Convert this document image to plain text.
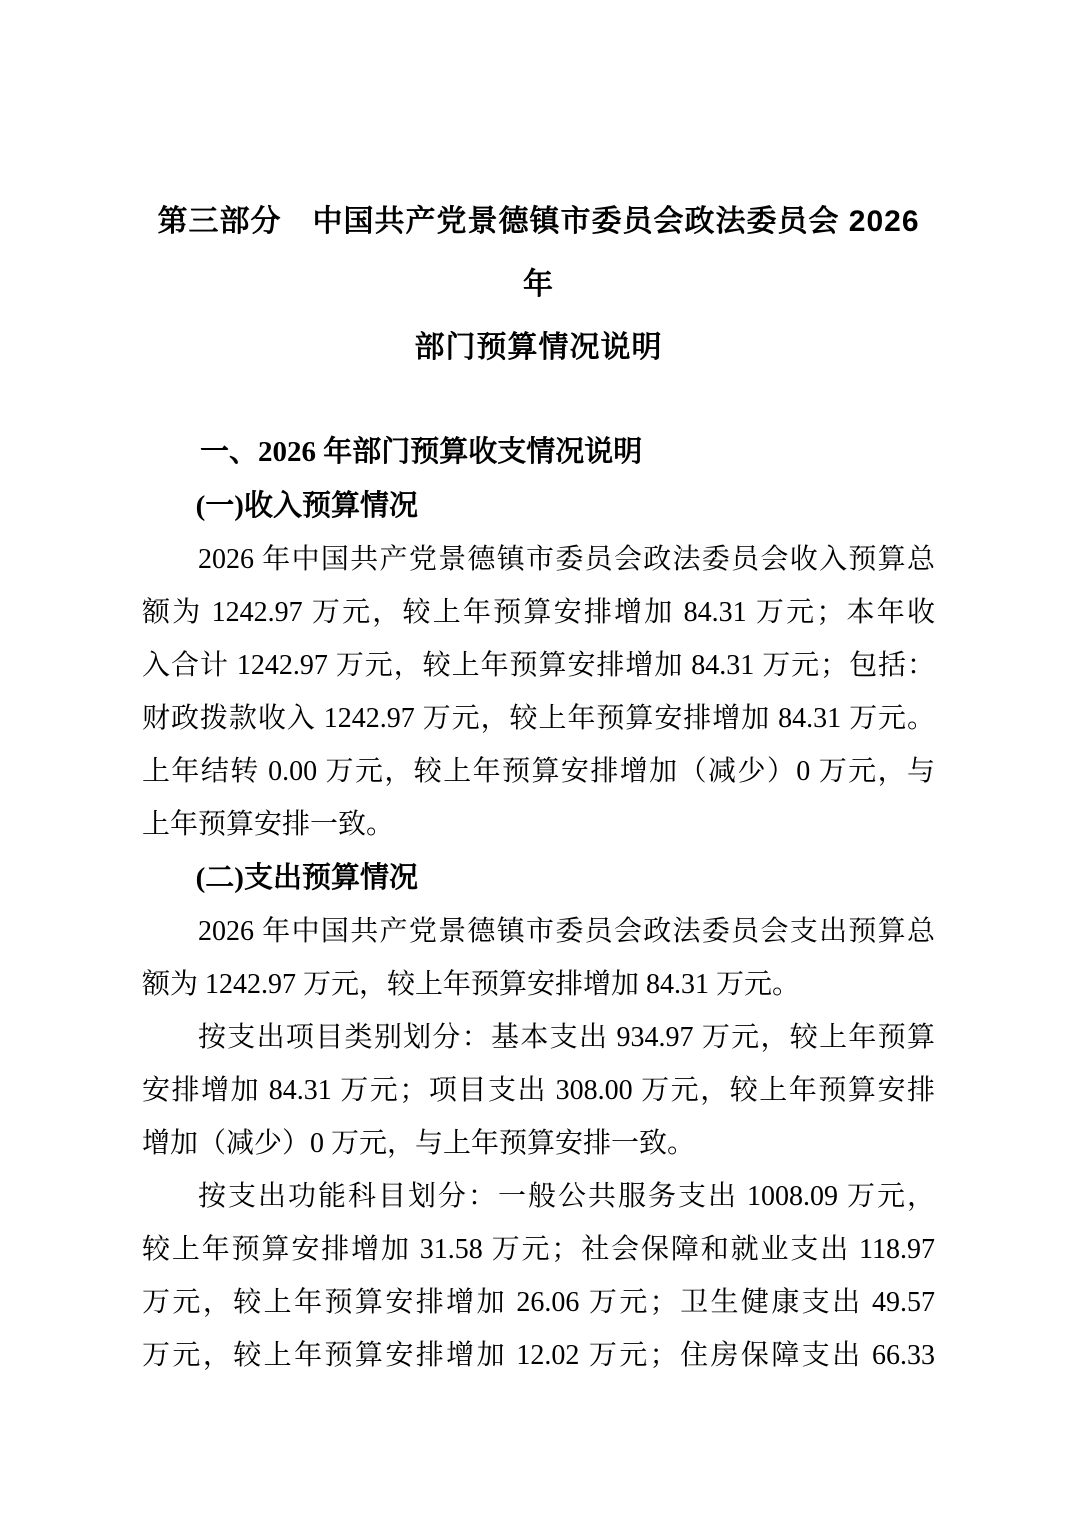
第三部分　中国共产党景德镇市委员会政法委员会 2026 年
部门预算情况说明
一、2026 年部门预算收支情况说明
(一)收入预算情况
2026 年中国共产党景德镇市委员会政法委员会收入预算总
额为 1242.97 万元，较上年预算安排增加 84.31 万元；本年收
入合计 1242.97 万元，较上年预算安排增加 84.31 万元；包括：
财政拨款收入 1242.97 万元，较上年预算安排增加 84.31 万元。
上年结转 0.00 万元，较上年预算安排增加（减少）0 万元，与
上年预算安排一致。
(二)支出预算情况
2026 年中国共产党景德镇市委员会政法委员会支出预算总
额为 1242.97 万元，较上年预算安排增加 84.31 万元。
按支出项目类别划分：基本支出 934.97 万元，较上年预算
安排增加 84.31 万元；项目支出 308.00 万元，较上年预算安排
增加（减少）0 万元，与上年预算安排一致。
按支出功能科目划分：一般公共服务支出 1008.09 万元，
较上年预算安排增加 31.58 万元；社会保障和就业支出 118.97
万元，较上年预算安排增加 26.06 万元；卫生健康支出 49.57
万元，较上年预算安排增加 12.02 万元；住房保障支出 66.33
